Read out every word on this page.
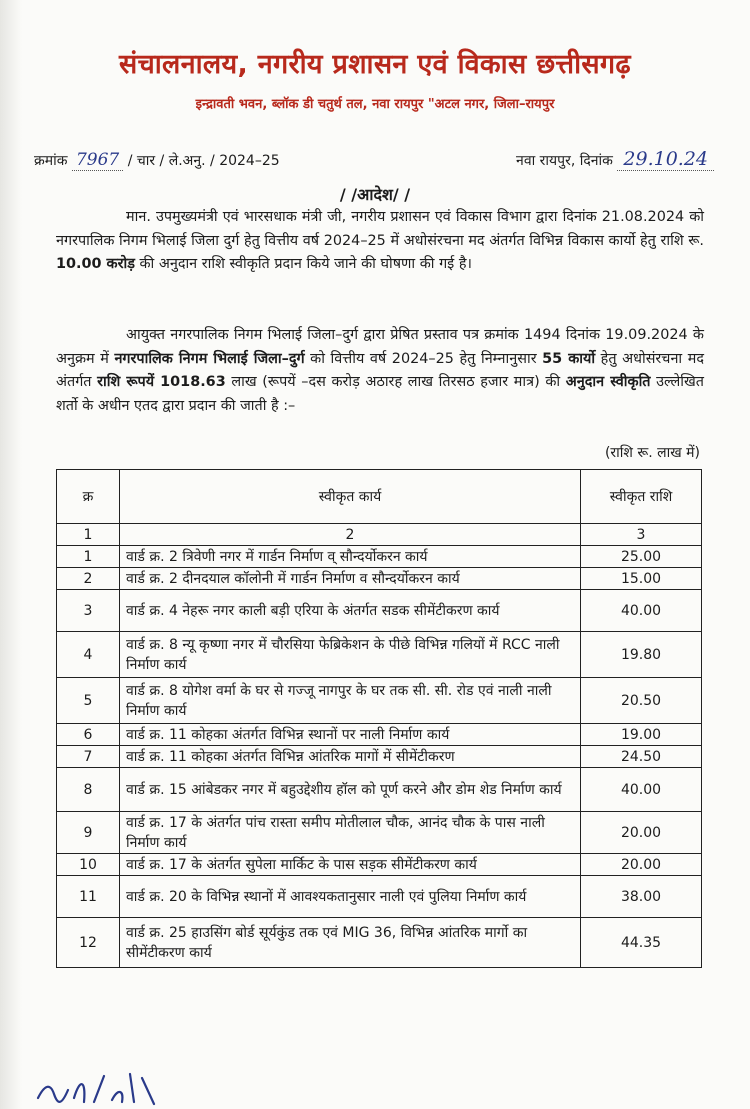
संचालनालय, नगरीय प्रशासन एवं विकास छत्तीसगढ़
इन्द्रावती भवन, ब्लॉक डी चतुर्थ तल, नवा रायपुर "अटल नगर, जिला–रायपुर
क्रमांक 7967 / चार / ले.अनु. / 2024–25	नवा रायपुर, दिनांक 29.10.24
/ /आदेश/ /
मान. उपमुख्यमंत्री एवं भारसधाक मंत्री जी, नगरीय प्रशासन एवं विकास विभाग द्वारा दिनांक 21.08.2024 को नगरपालिक निगम भिलाई जिला दुर्ग हेतु वित्तीय वर्ष 2024–25 में अधोसंरचना मद अंतर्गत विभिन्न विकास कार्यो हेतु राशि रू. 10.00 करोड़ की अनुदान राशि स्वीकृति प्रदान किये जाने की घोषणा की गई है।
आयुक्त नगरपालिक निगम भिलाई जिला–दुर्ग द्वारा प्रेषित प्रस्ताव पत्र क्रमांक 1494 दिनांक 19.09.2024 के अनुक्रम में नगरपालिक निगम भिलाई जिला–दुर्ग को वित्तीय वर्ष 2024–25 हेतु निम्नानुसार 55 कार्यो हेतु अधोसंरचना मद अंतर्गत राशि रूपयें 1018.63 लाख (रूपयें –दस करोड़ अठारह लाख तिरसठ हजार मात्र) की अनुदान स्वीकृति उल्लेखित शर्तो के अधीन एतद द्वारा प्रदान की जाती है :–
(राशि रू. लाख में)
क्र	स्वीकृत कार्य	स्वीकृत राशि
1	2	3
1	वार्ड क्र. 2 त्रिवेणी नगर में गार्डन निर्माण व् सौन्दर्योकरन कार्य	25.00
2	वार्ड क्र. 2 दीनदयाल कॉलोनी में गार्डन निर्माण व सौन्दर्योकरन कार्य	15.00
3	वार्ड क्र. 4 नेहरू नगर काली बड़ी एरिया के अंतर्गत सडक सीमेंटीकरण कार्य	40.00
4	वार्ड क्र. 8 न्यू कृष्णा नगर में चौरसिया फेब्रिकेशन के पीछे विभिन्न गलियों में RCC नाली निर्माण कार्य	19.80
5	वार्ड क्र. 8 योगेश वर्मा के घर से गज्जू नागपुर के घर तक सी. सी. रोड एवं नाली नाली निर्माण कार्य	20.50
6	वार्ड क्र. 11 कोहका अंतर्गत विभिन्न स्थानों पर नाली निर्माण कार्य	19.00
7	वार्ड क्र. 11 कोहका अंतर्गत विभिन्न आंतरिक मागों में सीमेंटीकरण	24.50
8	वार्ड क्र. 15 आंबेडकर नगर में बहुउद्देशीय हॉल को पूर्ण करने और डोम शेड निर्माण कार्य	40.00
9	वार्ड क्र. 17 के अंतर्गत पांच रास्ता समीप मोतीलाल चौक, आनंद चौक के पास नाली निर्माण कार्य	20.00
10	वार्ड क्र. 17 के अंतर्गत सुपेला मार्किट के पास सड़क सीमेंटीकरण कार्य	20.00
11	वार्ड क्र. 20 के विभिन्न स्थानों में आवश्यकतानुसार नाली एवं पुलिया निर्माण कार्य	38.00
12	वार्ड क्र. 25 हाउसिंग बोर्ड सूर्यकुंड तक एवं MIG 36, विभिन्न आंतरिक मार्गो का सीमेंटीकरण कार्य	44.35
